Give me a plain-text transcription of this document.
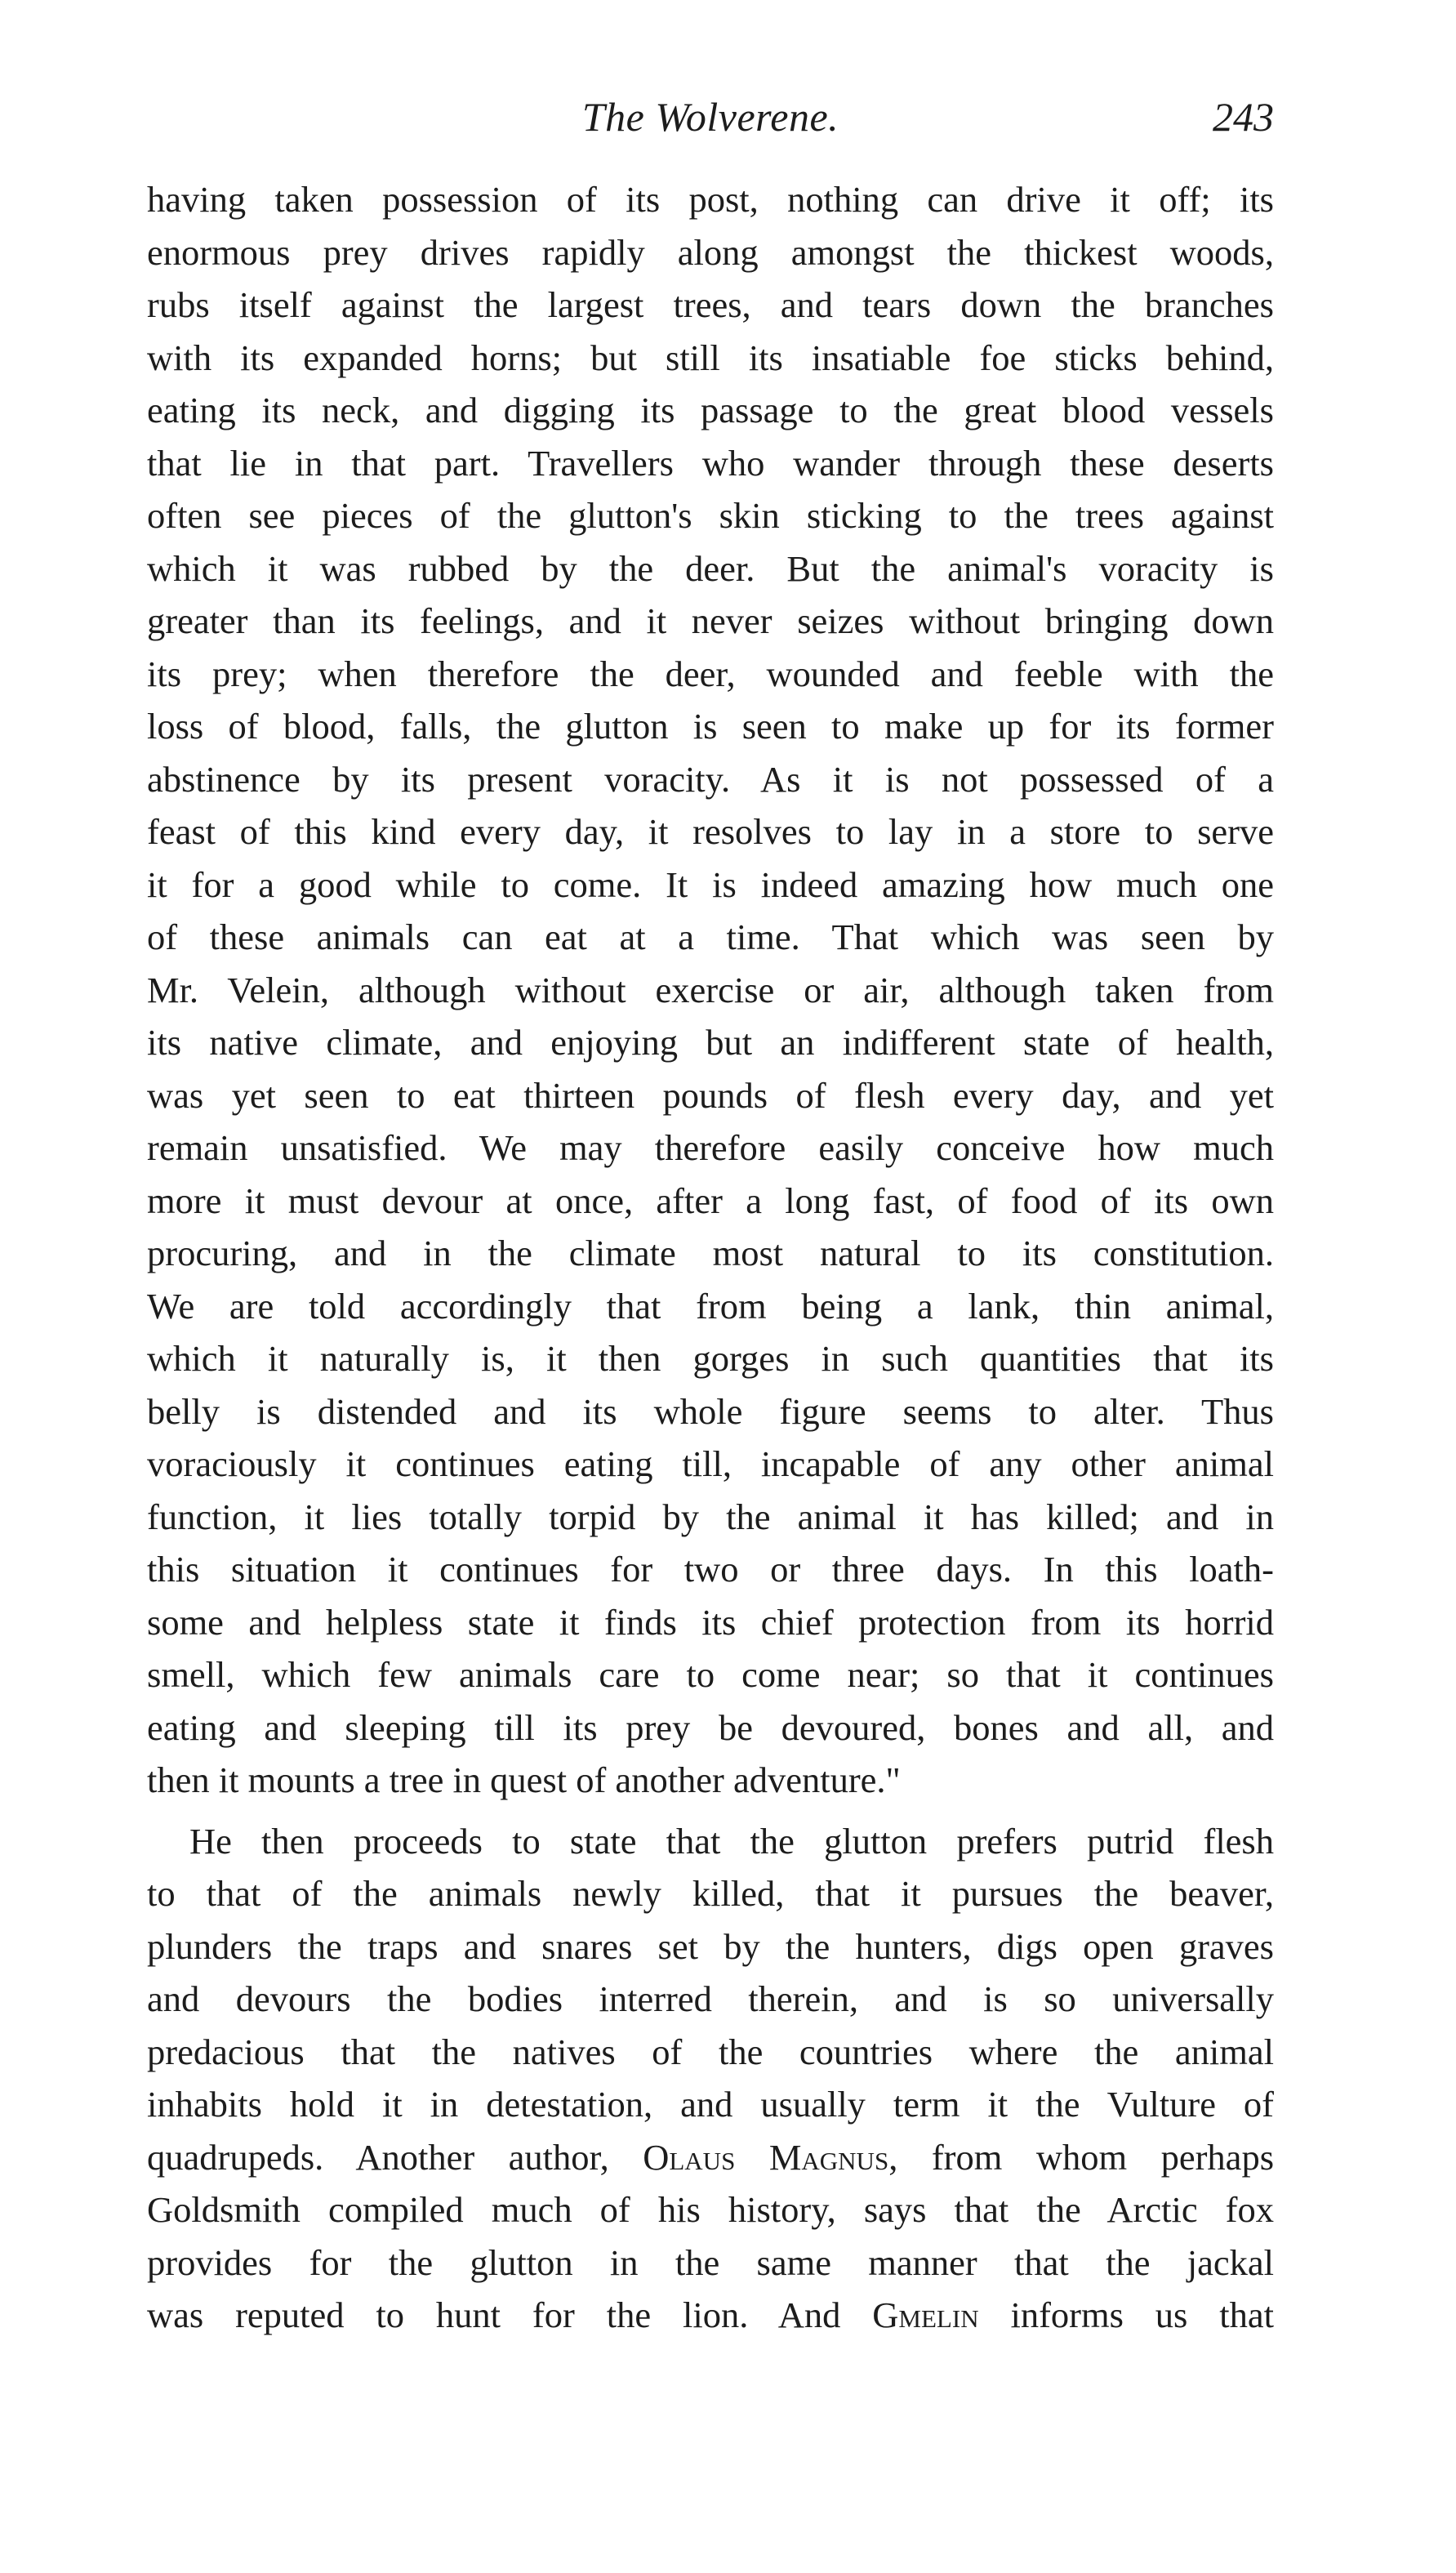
The Wolverene.	243
having taken possession of its post, nothing can drive it off; its
enormous prey drives rapidly along amongst the thickest woods,
rubs itself against the largest trees, and tears down the branches
with its expanded horns; but still its insatiable foe sticks behind,
eating its neck, and digging its passage to the great blood vessels
that lie in that part. Travellers who wander through these deserts
often see pieces of the glutton's skin sticking to the trees against
which it was rubbed by the deer. But the animal's voracity is
greater than its feelings, and it never seizes without bringing down
its prey; when therefore the deer, wounded and feeble with the
loss of blood, falls, the glutton is seen to make up for its former
abstinence by its present voracity. As it is not possessed of a
feast of this kind every day, it resolves to lay in a store to serve
it for a good while to come. It is indeed amazing how much one
of these animals can eat at a time. That which was seen by
Mr. Velein, although without exercise or air, although taken from
its native climate, and enjoying but an indifferent state of health,
was yet seen to eat thirteen pounds of flesh every day, and yet
remain unsatisfied. We may therefore easily conceive how much
more it must devour at once, after a long fast, of food of its own
procuring, and in the climate most natural to its constitution.
We are told accordingly that from being a lank, thin animal,
which it naturally is, it then gorges in such quantities that its
belly is distended and its whole figure seems to alter. Thus
voraciously it continues eating till, incapable of any other animal
function, it lies totally torpid by the animal it has killed; and in
this situation it continues for two or three days. In this loath-
some and helpless state it finds its chief protection from its horrid
smell, which few animals care to come near; so that it continues
eating and sleeping till its prey be devoured, bones and all, and
then it mounts a tree in quest of another adventure."
He then proceeds to state that the glutton prefers putrid flesh
to that of the animals newly killed, that it pursues the beaver,
plunders the traps and snares set by the hunters, digs open graves
and devours the bodies interred therein, and is so universally
predacious that the natives of the countries where the animal
inhabits hold it in detestation, and usually term it the Vulture of
quadrupeds. Another author, Olaus Magnus, from whom perhaps
Goldsmith compiled much of his history, says that the Arctic fox
provides for the glutton in the same manner that the jackal
was reputed to hunt for the lion. And Gmelin informs us that
